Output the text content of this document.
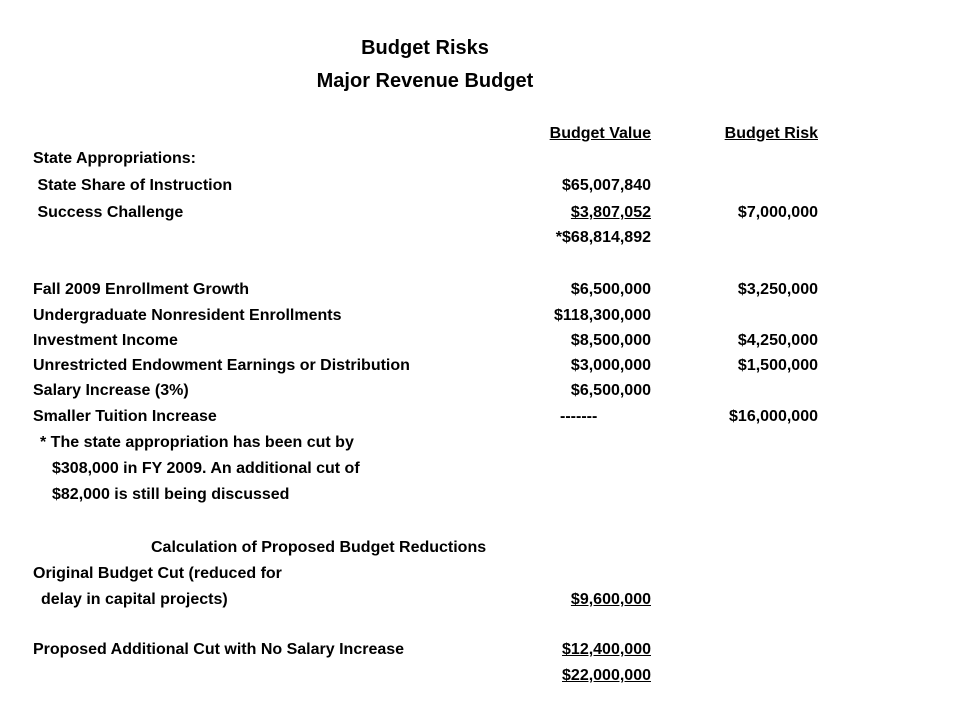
Budget Risks
Major Revenue Budget
Budget Value	Budget Risk
State Appropriations:
State Share of Instruction	$65,007,840
Success Challenge	$3,807,052	$7,000,000
*$68,814,892
Fall 2009 Enrollment Growth	$6,500,000	$3,250,000
Undergraduate Nonresident Enrollments	$118,300,000
Investment Income	$8,500,000	$4,250,000
Unrestricted Endowment Earnings or Distribution	$3,000,000	$1,500,000
Salary Increase (3%)	$6,500,000
Smaller Tuition Increase	-------	$16,000,000
* The state appropriation has been cut by
$308,000 in FY 2009. An additional cut of
$82,000 is still being discussed
Calculation of Proposed Budget Reductions
Original Budget Cut (reduced for
delay in capital projects)	$9,600,000
Proposed Additional Cut with No Salary Increase	$12,400,000
$22,000,000
